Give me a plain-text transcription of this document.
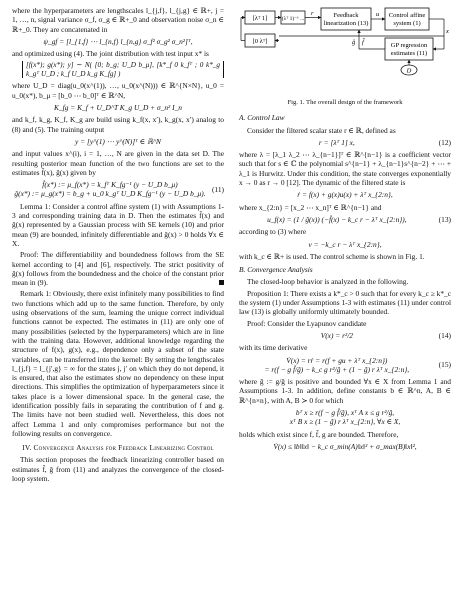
where the hyperparameters are lengthscales l_{j,f}, l_{j,g} ∈ ℝ+, j = 1, …, n, signal variance σ_f, σ_g ∈ ℝ+_0 and observation noise σ_n ∈ ℝ+_0. They are concatenated in

ψ_gf = [l_{1,f} ⋯ l_{n,f} l_{n,g} σ_f² σ_g² σ_n²]ᵀ,

and optimized using (4). The joint distribution with test input x* is

[f(x*); g(x*); y] ∼ N( [0; b_g; U_D b_μ], [k*_f 0 k_fᵀ ; 0 k*_g k_gᵀ U_D ; k_f U_D k_g K_fg] )

where U_D = diag(u_0(x^(1)), …, u_0(x^(N))) ∈ ℝ^{N×N}, u_0 = u_0(x*), b_μ = [b_0 ⋯ b_0]ᵀ ∈ ℝ^N,

K_fg = K_f + U_D^T K_g U_D + σ_n² I_n

and k_f, k_g, K_f, K_g are build using k_f(x, x′), k_g(x, x′) analog to (8) and (5). The training output

y = [y^(1) ⋯ y^(N)]ᵀ ∈ ℝ^N

and input values x^(i), i = 1, …, N are given in the data set D. The resulting posterior mean function of the two functions are set to the estimates f̂(x), ĝ(x) given by

f̂(x*) := μ_f(x*) = k_fᵀ K_fg⁻¹ (y − U_D b_μ)
ĝ(x*) := μ_g(x*) = b_g + u_0 k_gᵀ U_D K_fg⁻¹ (y − U_D b_μ).
(11)

Lemma 1: Consider a control affine system (1) with Assumptions 1-3 and corresponding training data in D. Then the estimates f̂(x) and ĝ(x) represented by a Gaussian process with SE kernels (10) and prior mean (9) are bounded, infinitely differentiable and ĝ(x) > 0 holds ∀x ∈ X.

Proof: The differentiability and boundedness follows from the SE kernel according to [4] and [6], respectively. The strict positivity of ĝ(x) follows from the boundedness and the choice of the constant prior mean in (9).

Remark 1: Obviously, there exist infinitely many possibilities to find two functions which add up to the same function. Therefore, by only using observations of the sum, learning the unique correct individual functions cannot be expected. The estimates in (11) are only one of many possibilities (selected by the hyperparameters) which are in line with the training data. However, additional knowledge regarding the structure of f(x), g(x), e.g., dependence only a subset of the state variables, can be transferred into the kernel: By setting the lengthscales l_{j,f} = l_{j′,g} = ∞ for the states j, j′ on which they do not depend, it is ensured, that also the estimates show no dependency on these input directions. This simplifies the optimization of hyperparameters since it takes place is a lower dimensional space. In the general case, the identification possibly fails in separating the contribution of f and g. The limits have not been studied well. Nevertheless, this does not affect Lemma 1 and only compromises performance but not the following results on convergence.

IV. Convergence Analysis for Feedback Linearizing Control

This section proposes the feedback linearizing controller based on estimates f̂, ĝ from (11) and analyzes the convergence of the closed-loop system.

[λᵀ 1]	(λᵀ 1)⁻¹ ...
[0 λᵀ]
Feedback
linearization (13)
Control affine
system (1)
GP regression
estimates (11)
D
r	u
x
f̂
ĝ
Fig. 1. The overall design of the framework
A. Control Law

Consider the filtered scalar state r ∈ ℝ, defined as

r = [λᵀ 1] x,	(12)

where λ = [λ_1 λ_2 ⋯ λ_{n−1}]ᵀ ∈ ℝ^{n−1} is a coefficient vector such that for s ∈ ℂ the polynomial s^{n−1} + λ_{n−1}s^{n−2} + ⋯ + λ_1 is Hurwitz. Under this condition, the state converges exponentially x → 0 as r → 0 [12]. The dynamic of the filtered state is

ṙ = f(x) + g(x)u(x) + λᵀ x_{2:n},

where x_{2:n} = [x_2 ⋯ x_n]ᵀ ∈ ℝ^{n−1} and

u_f(x) = (1 / ĝ(x)) (−f̂(x) − k_c r − λᵀ x_{2:n}),	(13)

according to (3) where

ν = −k_c r − λᵀ x_{2:n},

with k_c ∈ ℝ+ is used. The control scheme is shown in Fig. 1.

B. Convergence Analysis

The closed-loop behavior is analyzed in the following.

Proposition 1: There exists a k*_c > 0 such that for every k_c ≥ k*_c the system (1) under Assumptions 1-3 with estimates (11) under control law (13) is globally uniformly ultimately bounded.

Proof: Consider the Lyapunov candidate

V(x) = r²/2	(14)

with its time derivative

V̇(x) = rṙ = r(f + gu + λᵀ x_{2:n})
= r(f − g f̂/ĝ) − k_c g r²/ĝ + (1 − g̃) r λᵀ x_{2:n},
(15)

where g̃ := g/ĝ is positive and bounded ∀x ∈ X from Lemma 1 and Assumptions 1-3. In addition, define constants b ∈ ℝ^n, A, B ∈ ℝ^{n×n}, with A, B ≻ 0 for which

bᵀ x ≥ r(f − g f̂/ĝ), xᵀ A x ≤ g r²/ĝ,
xᵀ B x ≥ (1 − g̃) r λᵀ x_{2:n}, ∀x ∈ X,

holds which exist since f, f̂, g are bounded. Therefore,

V̇(x) ≤ ‖b‖‖x‖ − k_c σ_min(A)‖x‖² + σ_max(B)‖x‖²,
